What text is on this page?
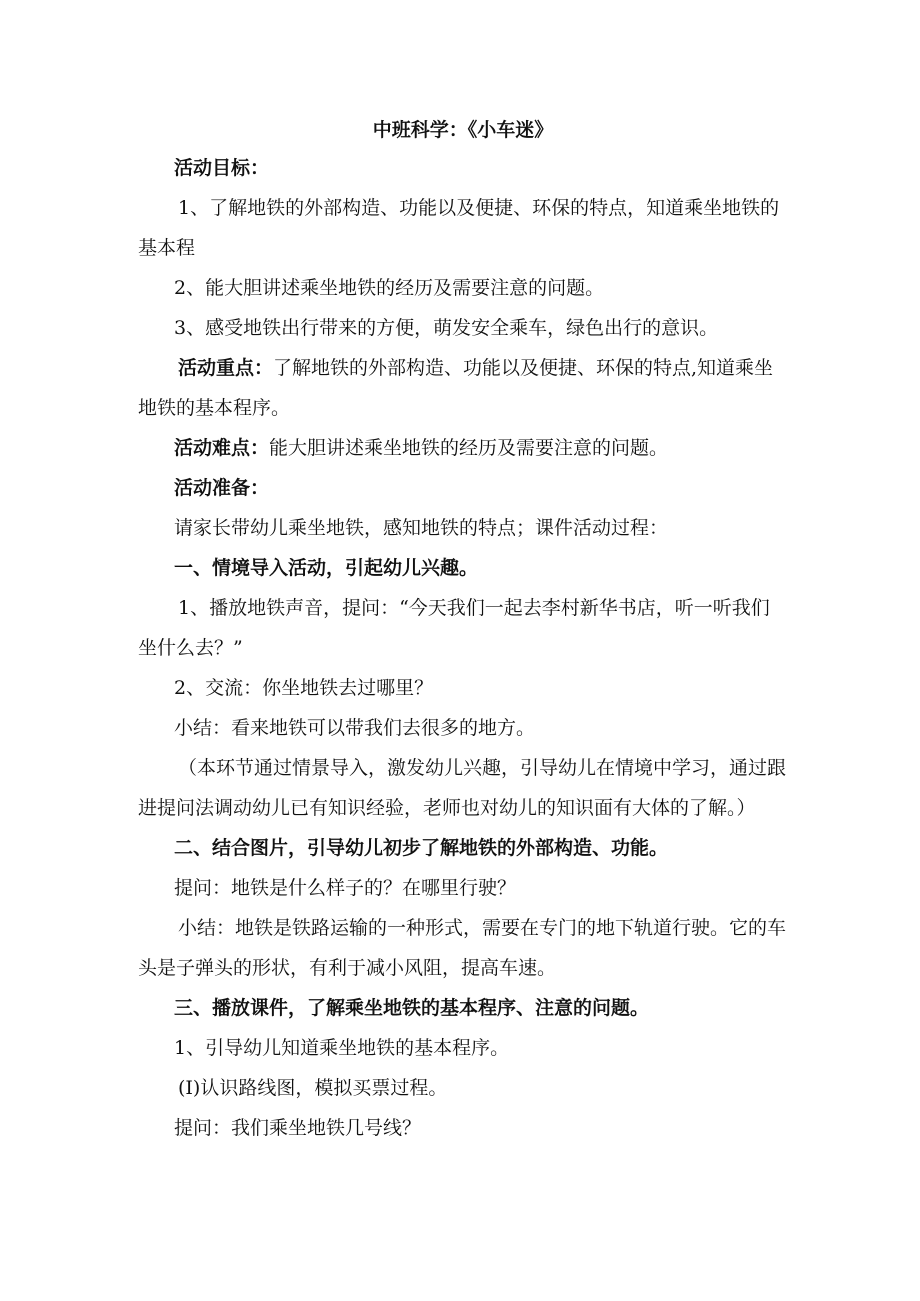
中班科学：《小车迷》

活动目标：

1、了解地铁的外部构造、功能以及便捷、环保的特点，知道乘坐地铁的基本程

2、能大胆讲述乘坐地铁的经历及需要注意的问题。

3、感受地铁出行带来的方便，萌发安全乘车，绿色出行的意识。

活动重点：了解地铁的外部构造、功能以及便捷、环保的特点,知道乘坐地铁的基本程序。

活动难点：能大胆讲述乘坐地铁的经历及需要注意的问题。

活动准备：

请家长带幼儿乘坐地铁，感知地铁的特点；课件活动过程：

一、情境导入活动，引起幼儿兴趣。

1、播放地铁声音，提问：“今天我们一起去李村新华书店，听一听我们坐什么去？”

2、交流：你坐地铁去过哪里？

小结：看来地铁可以带我们去很多的地方。

（本环节通过情景导入，激发幼儿兴趣，引导幼儿在情境中学习，通过跟进提问法调动幼儿已有知识经验，老师也对幼儿的知识面有大体的了解。）

二、结合图片，引导幼儿初步了解地铁的外部构造、功能。

提问：地铁是什么样子的？在哪里行驶？

小结：地铁是铁路运输的一种形式，需要在专门的地下轨道行驶。它的车头是子弹头的形状，有利于减小风阻，提高车速。

三、播放课件，了解乘坐地铁的基本程序、注意的问题。

1、引导幼儿知道乘坐地铁的基本程序。

(I)认识路线图，模拟买票过程。

提问：我们乘坐地铁几号线？
